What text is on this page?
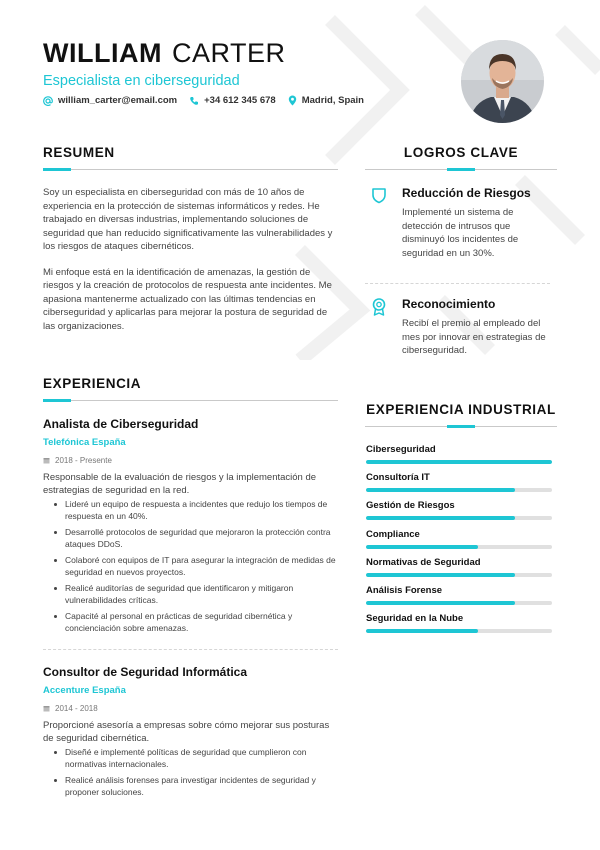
WILLIAM CARTER
Especialista en ciberseguridad
william_carter@email.com	+34 612 345 678	Madrid, Spain
RESUMEN

Soy un especialista en ciberseguridad con más de 10 años de experiencia en la protección de sistemas informáticos y redes. He trabajado en diversas industrias, implementando soluciones de seguridad que han reducido significativamente las vulnerabilidades y los riesgos de ataques cibernéticos.

Mi enfoque está en la identificación de amenazas, la gestión de riesgos y la creación de protocolos de respuesta ante incidentes. Me apasiona mantenerme actualizado con las últimas tendencias en ciberseguridad y aplicarlas para mejorar la postura de seguridad de las organizaciones.

LOGROS CLAVE
Reducción de Riesgos
Implementé un sistema de detección de intrusos que disminuyó los incidentes de seguridad en un 30%.
Reconocimiento
Recibí el premio al empleado del mes por innovar en estrategias de ciberseguridad.
EXPERIENCIA
Analista de Ciberseguridad
Telefónica España
2018 - Presente
Responsable de la evaluación de riesgos y la implementación de estrategias de seguridad en la red.
Lideré un equipo de respuesta a incidentes que redujo los tiempos de respuesta en un 40%.
Desarrollé protocolos de seguridad que mejoraron la protección contra ataques DDoS.
Colaboré con equipos de IT para asegurar la integración de medidas de seguridad en nuevos proyectos.
Realicé auditorías de seguridad que identificaron y mitigaron vulnerabilidades críticas.
Capacité al personal en prácticas de seguridad cibernética y concienciación sobre amenazas.
Consultor de Seguridad Informática
Accenture España
2014 - 2018
Proporcioné asesoría a empresas sobre cómo mejorar sus posturas de seguridad cibernética.
Diseñé e implementé políticas de seguridad que cumplieron con normativas internacionales.
Realicé análisis forenses para investigar incidentes de seguridad y proponer soluciones.
EXPERIENCIA INDUSTRIAL
Ciberseguridad
Consultoría IT
Gestión de Riesgos
Compliance
Normativas de Seguridad
Análisis Forense
Seguridad en la Nube
